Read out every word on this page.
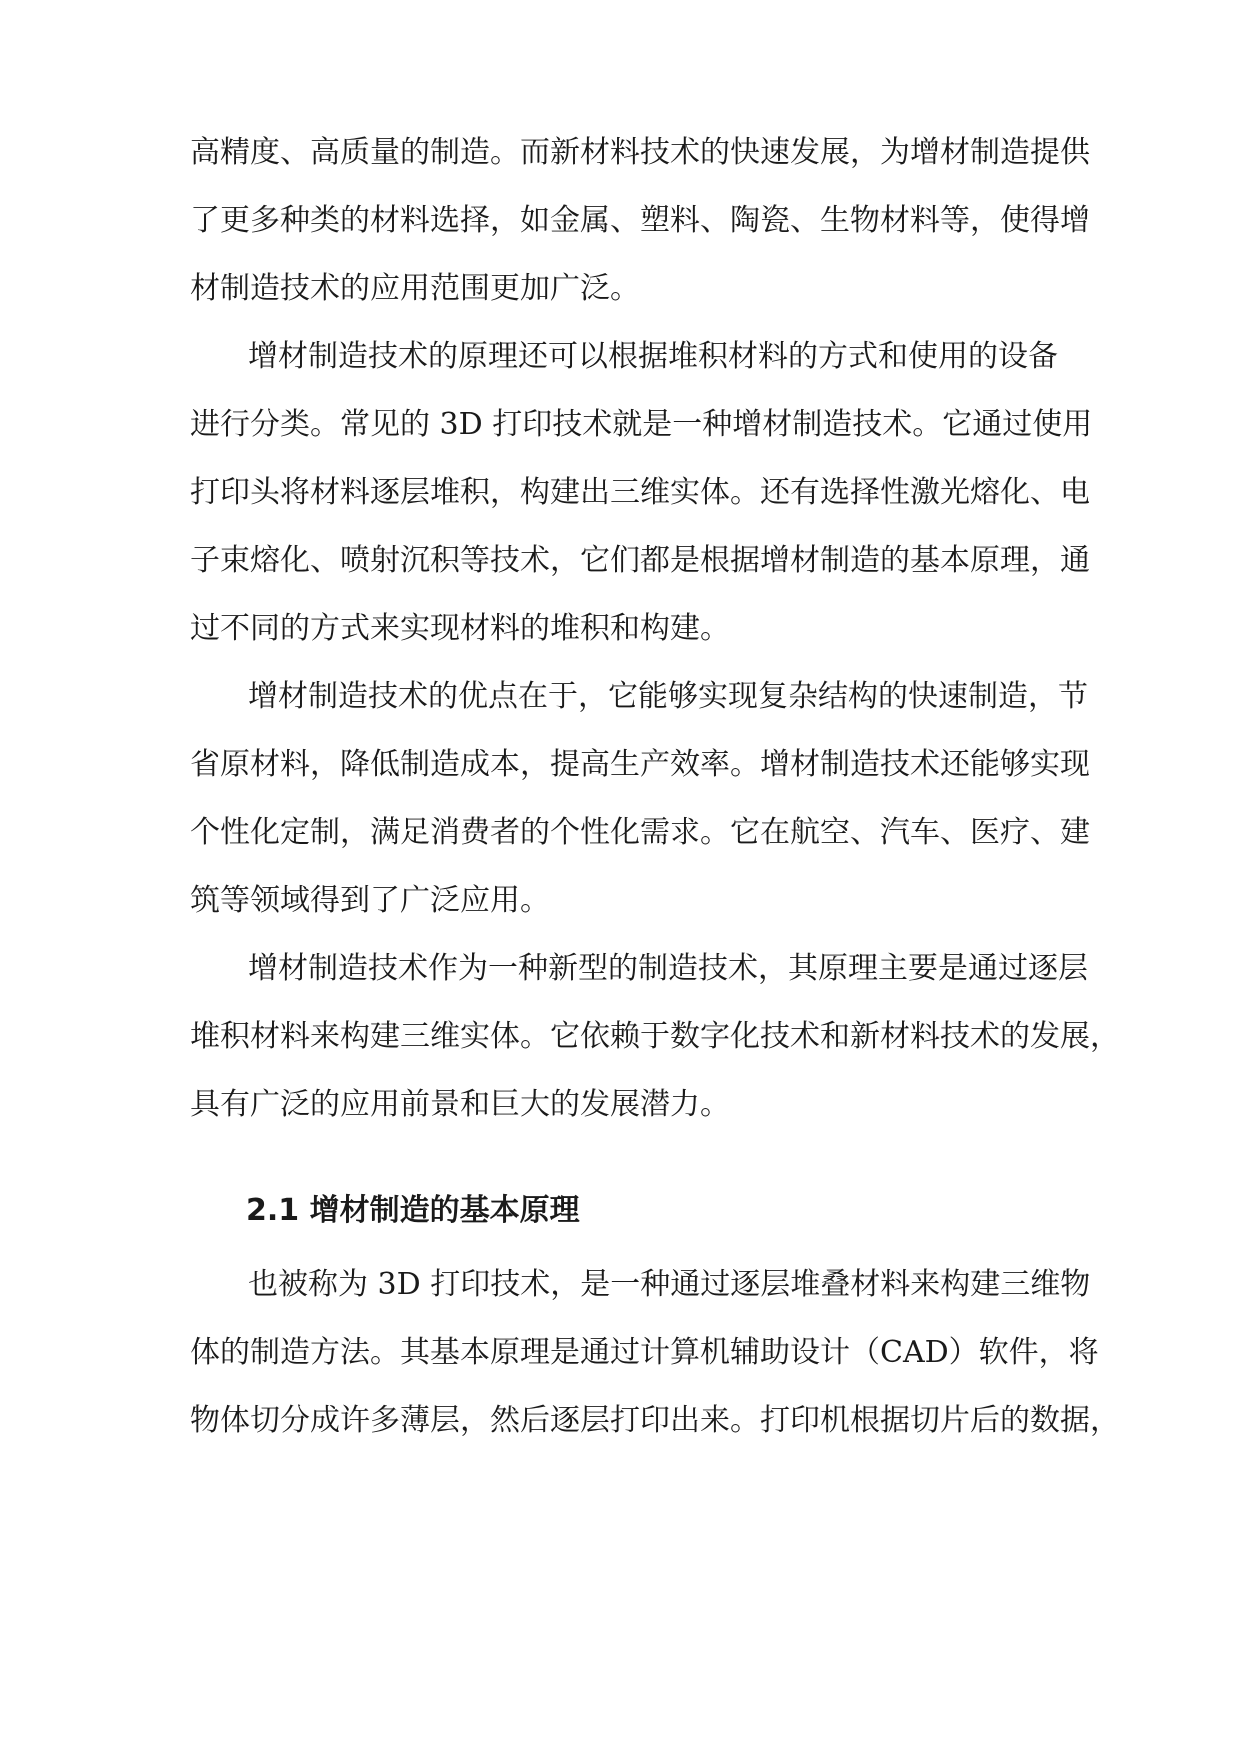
高精度、高质量的制造。而新材料技术的快速发展，为增材制造提供
了更多种类的材料选择，如金属、塑料、陶瓷、生物材料等，使得增
材制造技术的应用范围更加广泛。
增材制造技术的原理还可以根据堆积材料的方式和使用的设备
进行分类。常见的 3D 打印技术就是一种增材制造技术。它通过使用
打印头将材料逐层堆积，构建出三维实体。还有选择性激光熔化、电
子束熔化、喷射沉积等技术，它们都是根据增材制造的基本原理，通
过不同的方式来实现材料的堆积和构建。
增材制造技术的优点在于，它能够实现复杂结构的快速制造，节
省原材料，降低制造成本，提高生产效率。增材制造技术还能够实现
个性化定制，满足消费者的个性化需求。它在航空、汽车、医疗、建
筑等领域得到了广泛应用。
增材制造技术作为一种新型的制造技术，其原理主要是通过逐层
堆积材料来构建三维实体。它依赖于数字化技术和新材料技术的发展，
具有广泛的应用前景和巨大的发展潜力。
2.1 增材制造的基本原理
也被称为 3D 打印技术，是一种通过逐层堆叠材料来构建三维物
体的制造方法。其基本原理是通过计算机辅助设计（CAD）软件，将
物体切分成许多薄层，然后逐层打印出来。打印机根据切片后的数据，
